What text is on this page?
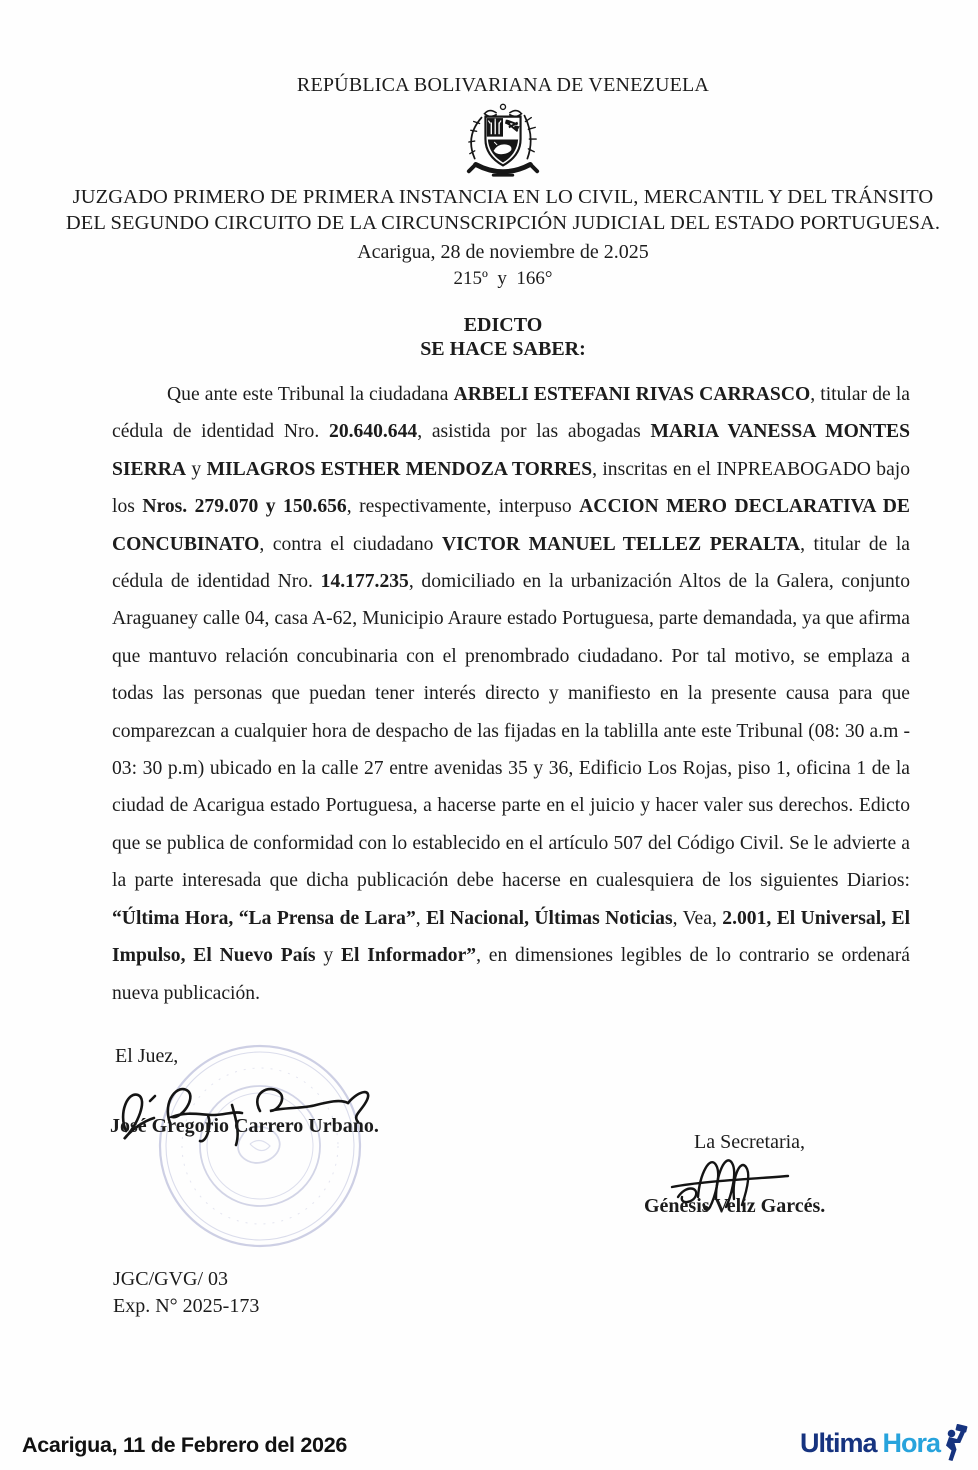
REPÚBLICA BOLIVARIANA DE VENEZUELA
JUZGADO PRIMERO DE PRIMERA INSTANCIA EN LO CIVIL, MERCANTIL Y DEL TRÁNSITO
DEL SEGUNDO CIRCUITO DE LA CIRCUNSCRIPCIÓN JUDICIAL DEL ESTADO PORTUGUESA.
Acarigua, 28 de noviembre de 2.025
215º  y  166°
EDICTO
SE HACE SABER:
Que ante este Tribunal la ciudadana ARBELI ESTEFANI RIVAS CARRASCO, titular de la cédula de identidad Nro. 20.640.644, asistida por las abogadas MARIA VANESSA MONTES SIERRA y MILAGROS ESTHER MENDOZA TORRES, inscritas en el INPREABOGADO bajo los Nros. 279.070 y 150.656, respectivamente, interpuso ACCION MERO DECLARATIVA DE CONCUBINATO, contra el ciudadano VICTOR MANUEL TELLEZ PERALTA, titular de la cédula de identidad Nro. 14.177.235, domiciliado en la urbanización Altos de la Galera, conjunto Araguaney calle 04, casa A-62, Municipio Araure estado Portuguesa, parte demandada, ya que afirma que mantuvo relación concubinaria con el prenombrado ciudadano. Por tal motivo, se emplaza a todas las personas que puedan tener interés directo y manifiesto en la presente causa para que comparezcan a cualquier hora de despacho de las fijadas en la tablilla ante este Tribunal (08: 30 a.m - 03: 30 p.m) ubicado en la calle 27 entre avenidas 35 y 36, Edificio Los Rojas, piso 1, oficina 1 de la ciudad de Acarigua estado Portuguesa, a hacerse parte en el juicio y hacer valer sus derechos. Edicto que se publica de conformidad con lo establecido en el artículo 507 del Código Civil. Se le advierte a la parte interesada que dicha publicación debe hacerse en cualesquiera de los siguientes Diarios: “Última Hora, “La Prensa de Lara”, El Nacional, Últimas Noticias, Vea, 2.001, El Universal, El Impulso, El Nuevo País y El Informador”, en dimensiones legibles de lo contrario se ordenará nueva publicación.
El Juez,
José Gregorio Carrero Urbano.
La Secretaria,
Génesis Veliz Garcés.
JGC/GVG/ 03
Exp. N° 2025-173
Acarigua, 11 de Febrero del 2026	Ultima Hora
